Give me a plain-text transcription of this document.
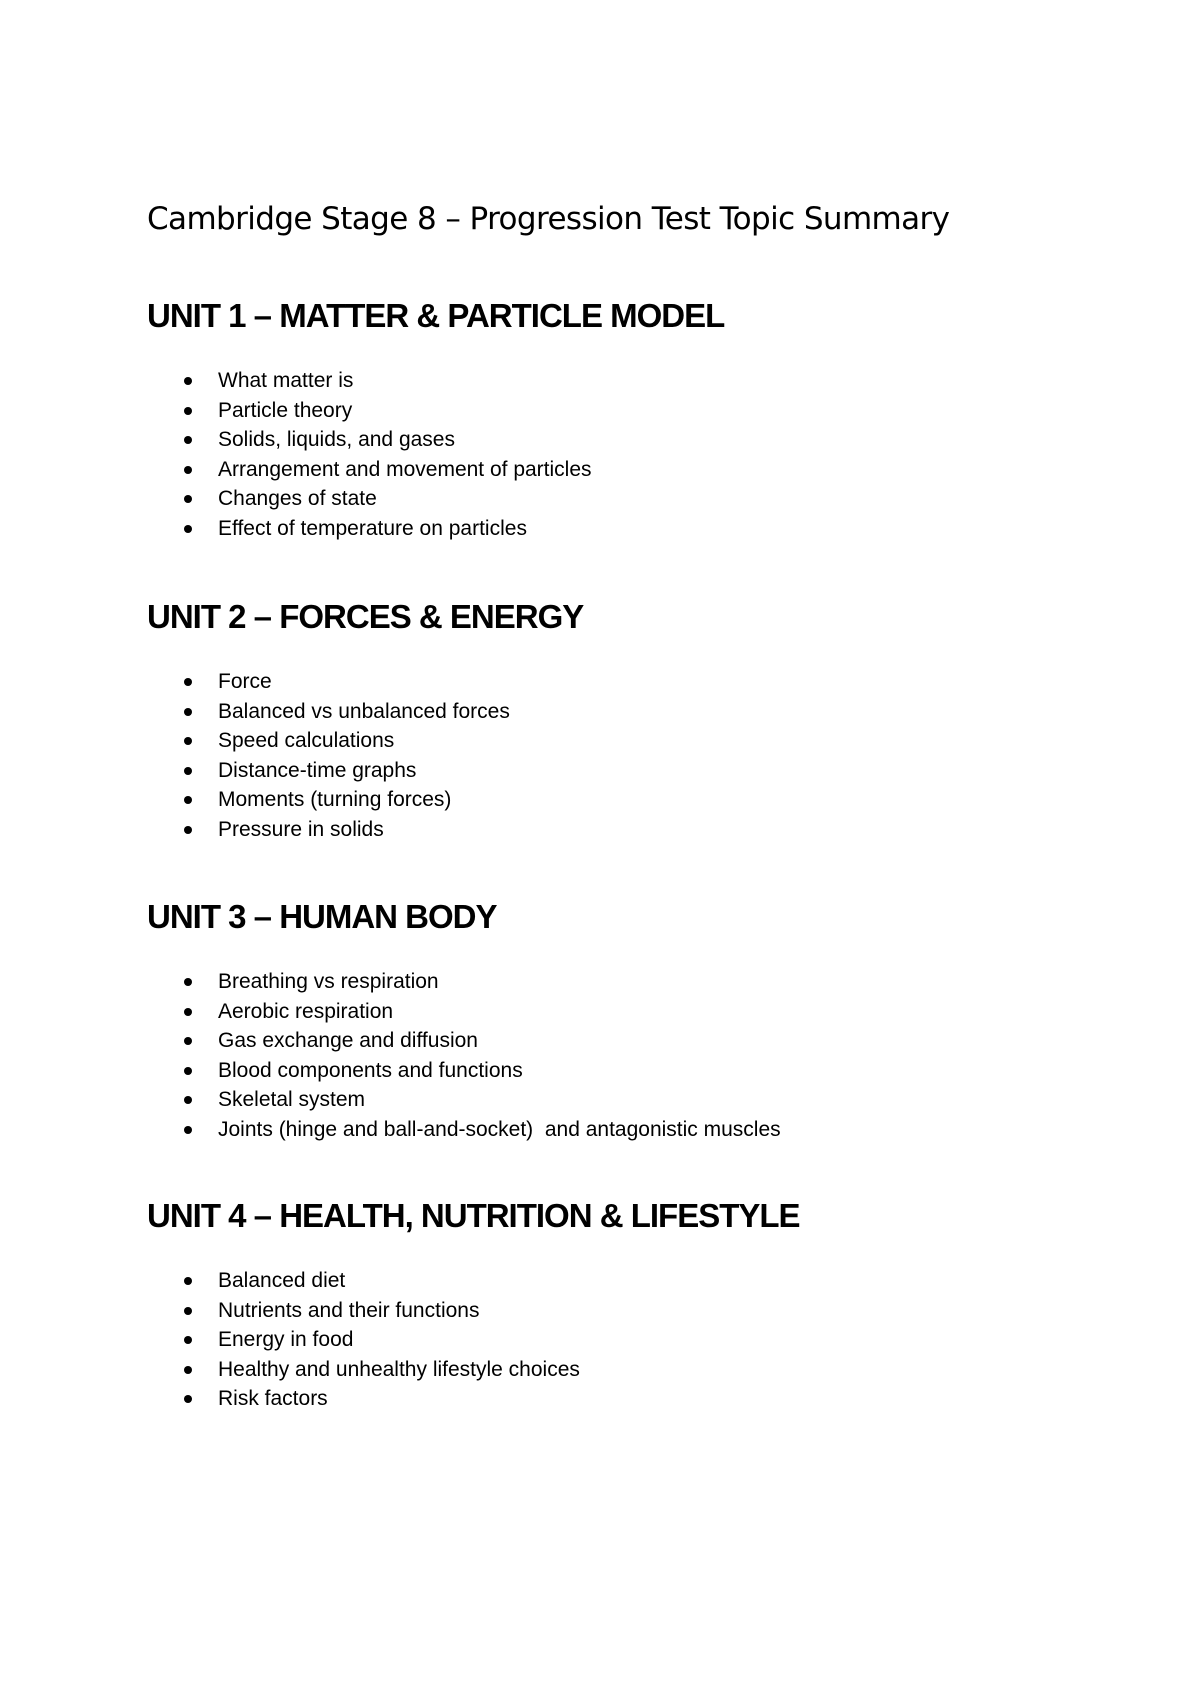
Cambridge Stage 8 – Progression Test Topic Summary
UNIT 1 – MATTER & PARTICLE MODEL
What matter is
Particle theory
Solids, liquids, and gases
Arrangement and movement of particles
Changes of state
Effect of temperature on particles
UNIT 2 – FORCES & ENERGY
Force
Balanced vs unbalanced forces
Speed calculations
Distance-time graphs
Moments (turning forces)
Pressure in solids
UNIT 3 – HUMAN BODY
Breathing vs respiration
Aerobic respiration
Gas exchange and diffusion
Blood components and functions
Skeletal system
Joints (hinge and ball-and-socket)  and antagonistic muscles
UNIT 4 – HEALTH, NUTRITION & LIFESTYLE
Balanced diet
Nutrients and their functions
Energy in food
Healthy and unhealthy lifestyle choices
Risk factors
